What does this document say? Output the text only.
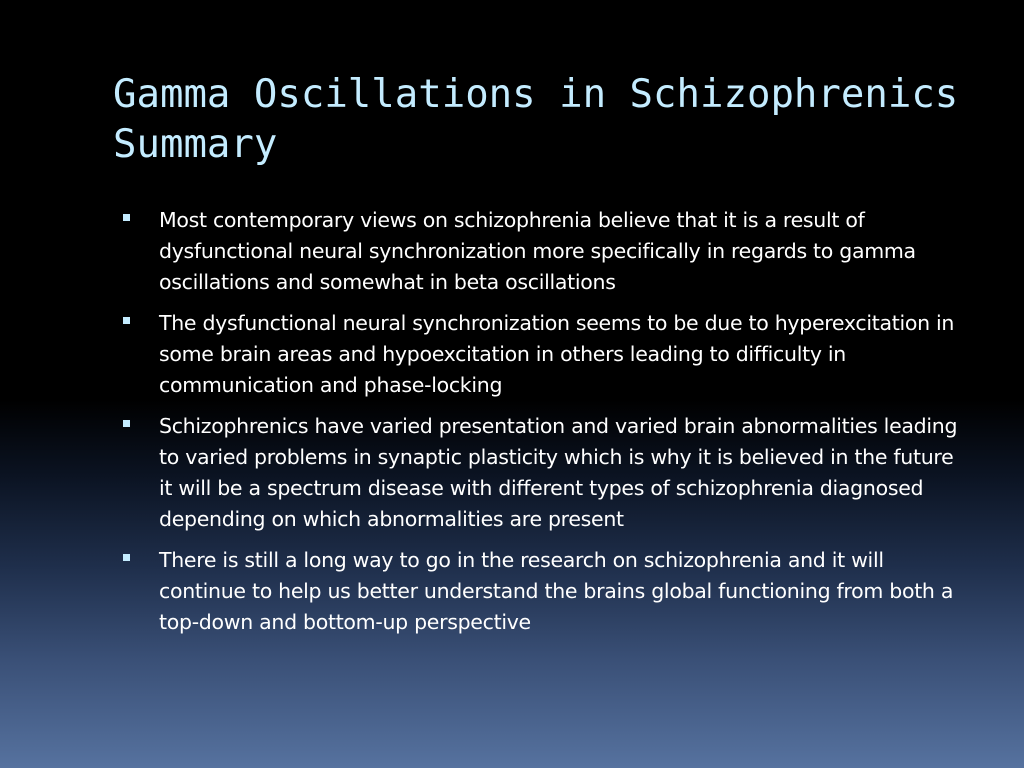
Gamma Oscillations in Schizophrenics Summary
Most contemporary views on schizophrenia believe that it is a result of dysfunctional neural synchronization more specifically in regards to gamma oscillations and somewhat in beta oscillations
The dysfunctional neural synchronization seems to be due to hyperexcitation in some brain areas and hypoexcitation in others leading to difficulty in communication and phase-locking
Schizophrenics have varied presentation and varied brain abnormalities leading to varied problems in synaptic plasticity which is why it is believed in the future it will be a spectrum disease with different types of schizophrenia diagnosed depending on which abnormalities are present
There is still a long way to go in the research on schizophrenia and it will continue to help us better understand the brains global functioning from both a top-down and bottom-up perspective
